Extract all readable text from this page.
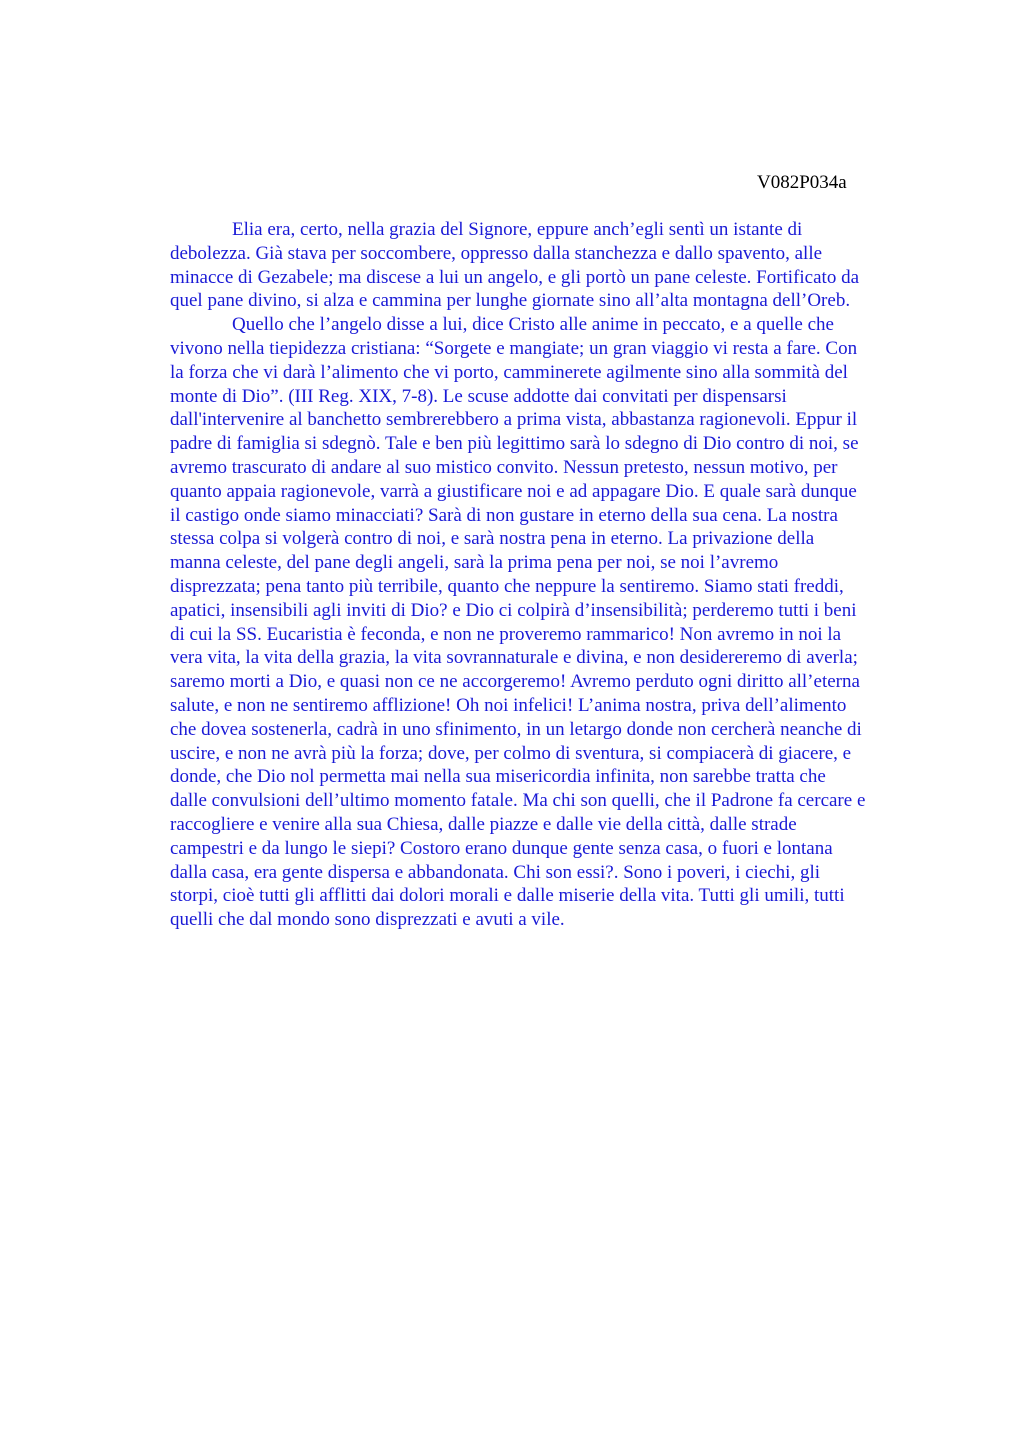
V082P034a
Elia era, certo, nella grazia del Signore, eppure anch’egli sentì un istante di
debolezza. Già stava per soccombere, oppresso dalla stanchezza e dallo spavento, alle
minacce di Gezabele; ma discese a lui un angelo, e gli portò un pane celeste. Fortificato da
quel pane divino, si alza e cammina per lunghe giornate sino all’alta montagna dell’Oreb.
Quello che l’angelo disse a lui, dice Cristo alle anime in peccato, e a quelle che
vivono nella tiepidezza cristiana: “Sorgete e mangiate; un gran viaggio vi resta a fare. Con
la forza che vi darà l’alimento che vi porto, camminerete agilmente sino alla sommità del
monte di Dio”. (III Reg. XIX, 7-8). Le scuse addotte dai convitati per dispensarsi
dall'intervenire al banchetto sembrerebbero a prima vista, abbastanza ragionevoli. Eppur il
padre di famiglia si sdegnò. Tale e ben più legittimo sarà lo sdegno di Dio contro di noi, se
avremo trascurato di andare al suo mistico convito. Nessun pretesto, nessun motivo, per
quanto appaia ragionevole, varrà a giustificare noi e ad appagare Dio. E quale sarà dunque
il castigo onde siamo minacciati? Sarà di non gustare in eterno della sua cena. La nostra
stessa colpa si volgerà contro di noi, e sarà nostra pena in eterno. La privazione della
manna celeste, del pane degli angeli, sarà la prima pena per noi, se noi l’avremo
disprezzata; pena tanto più terribile, quanto che neppure la sentiremo. Siamo stati freddi,
apatici, insensibili agli inviti di Dio? e Dio ci colpirà d’insensibilità; perderemo tutti i beni
di cui la SS. Eucaristia è feconda, e non ne proveremo rammarico! Non avremo in noi la
vera vita, la vita della grazia, la vita sovrannaturale e divina, e non desidereremo di averla;
saremo morti a Dio, e quasi non ce ne accorgeremo! Avremo perduto ogni diritto all’eterna
salute, e non ne sentiremo afflizione! Oh noi infelici! L’anima nostra, priva dell’alimento
che dovea sostenerla, cadrà in uno sfinimento, in un letargo donde non cercherà neanche di
uscire, e non ne avrà più la forza; dove, per colmo di sventura, si compiacerà di giacere, e
donde, che Dio nol permetta mai nella sua misericordia infinita, non sarebbe tratta che
dalle convulsioni dell’ultimo momento fatale. Ma chi son quelli, che il Padrone fa cercare e
raccogliere e venire alla sua Chiesa, dalle piazze e dalle vie della città, dalle strade
campestri e da lungo le siepi? Costoro erano dunque gente senza casa, o fuori e lontana
dalla casa, era gente dispersa e abbandonata. Chi son essi?. Sono i poveri, i ciechi, gli
storpi, cioè tutti gli afflitti dai dolori morali e dalle miserie della vita. Tutti gli umili, tutti
quelli che dal mondo sono disprezzati e avuti a vile.
